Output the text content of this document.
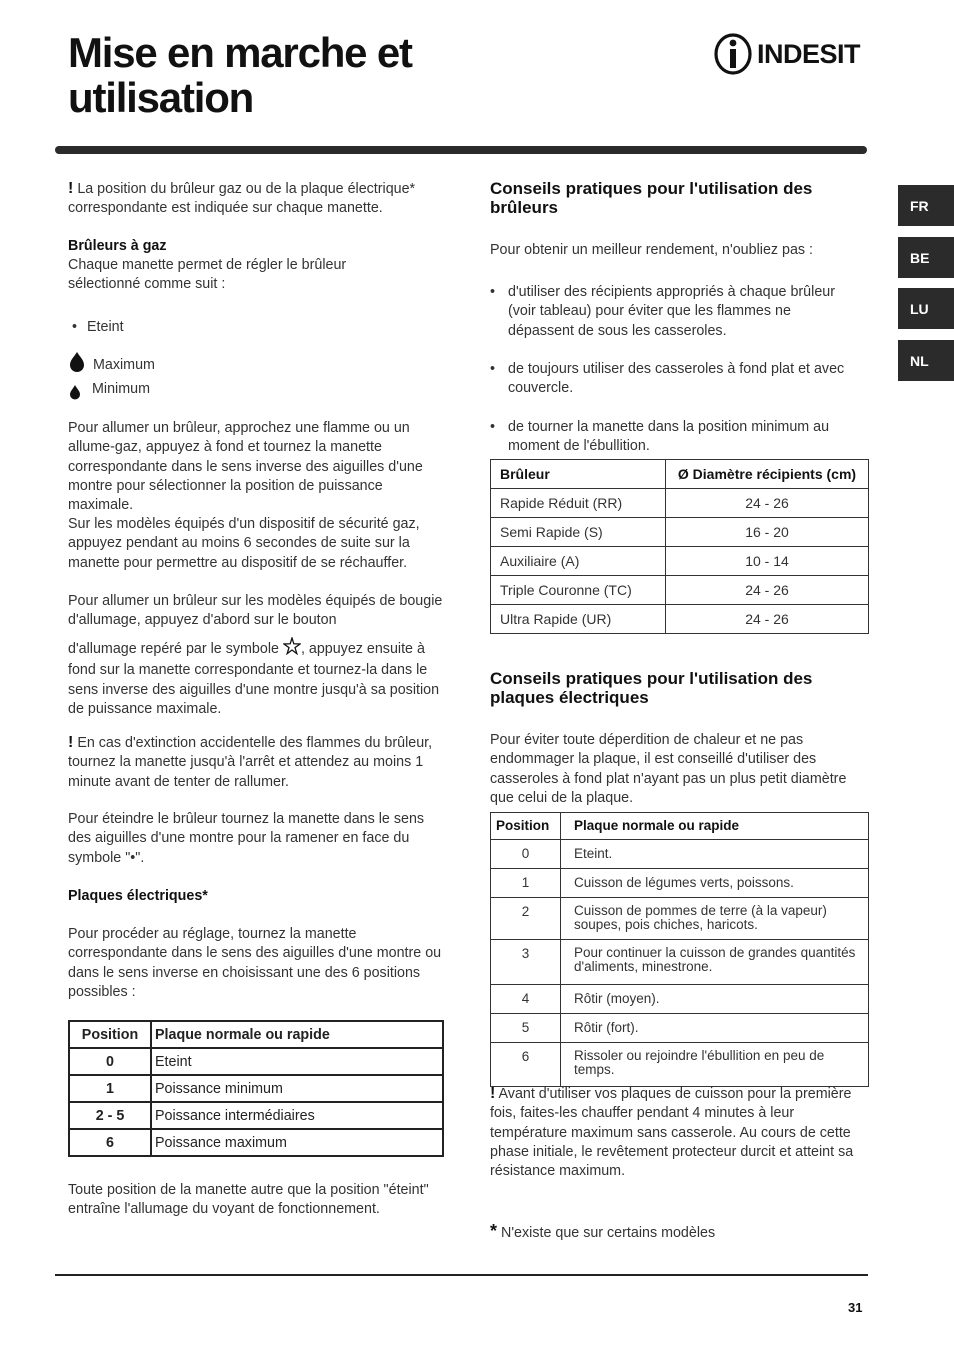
Mise en marche et
utilisation
INDESIT
FR
BE
LU
NL

! La position du brûleur gaz ou de la plaque électrique* correspondante est indiquée sur chaque manette.

Brûleurs à gaz

Chaque manette permet de régler le brûleur sélectionné comme suit :

• Eteint

Maximum

Minimum

Pour allumer un brûleur, approchez une flamme ou un allume-gaz, appuyez à fond et tournez la manette correspondante dans le sens inverse des aiguilles d'une montre pour sélectionner la position de puissance maximale.

Sur les modèles équipés d'un dispositif de sécurité gaz, appuyez pendant au moins 6 secondes de suite sur la manette pour permettre au dispositif de se réchauffer.

Pour allumer un brûleur sur les modèles équipés de bougie d'allumage, appuyez d'abord sur le bouton

d'allumage repéré par le symbole , appuyez ensuite à fond sur la manette correspondante et tournez-la dans le sens inverse des aiguilles d'une montre jusqu'à sa position de puissance maximale.

! En cas d'extinction accidentelle des flammes du brûleur, tournez la manette jusqu'à l'arrêt et attendez au moins 1 minute avant de tenter de rallumer.

Pour éteindre le brûleur tournez la manette dans le sens des aiguilles d'une montre pour la ramener en face du symbole "•".

Plaques électriques*

Pour procéder au réglage, tournez la manette correspondante dans le sens des aiguilles d'une montre ou dans le sens inverse en choisissant une des 6 positions possibles :

Position	Plaque normale ou rapide
0	Eteint
1	Poissance minimum
2 - 5	Poissance intermédiaires
6	Poissance maximum

Toute position de la manette autre que la position "éteint" entraîne l'allumage du voyant de fonctionnement.

Conseils pratiques pour l'utilisation des brûleurs

Pour obtenir un meilleur rendement, n'oubliez pas :

• d'utiliser des récipients appropriés à chaque brûleur (voir tableau) pour éviter que les flammes ne dépassent de sous les casseroles.

• de toujours utiliser des casseroles à fond plat et avec couvercle.

• de tourner la manette dans la position minimum au moment de l'ébullition.

Brûleur	Ø Diamètre récipients (cm)
Rapide Réduit (RR)	24 - 26
Semi Rapide (S)	16 - 20
Auxiliaire (A)	10 - 14
Triple Couronne (TC)	24 - 26
Ultra Rapide (UR)	24 - 26

Conseils pratiques pour l'utilisation des plaques électriques

Pour éviter toute déperdition de chaleur et ne pas endommager la plaque, il est conseillé d'utiliser des casseroles à fond plat n'ayant pas un plus petit diamètre que celui de la plaque.

Position	Plaque normale ou rapide
0	Eteint.
1	Cuisson de légumes verts, poissons.
2	Cuisson de pommes de terre (à la vapeur) soupes, pois chiches, haricots.
3	Pour continuer la cuisson de grandes quantités d'aliments, minestrone.
4	Rôtir (moyen).
5	Rôtir (fort).
6	Rissoler ou rejoindre l'ébullition en peu de temps.

! Avant d'utiliser vos plaques de cuisson pour la première fois, faites-les chauffer pendant 4 minutes à leur température maximum sans casserole. Au cours de cette phase initiale, le revêtement protecteur durcit et atteint sa résistance maximum.

* N'existe que sur certains modèles

31
